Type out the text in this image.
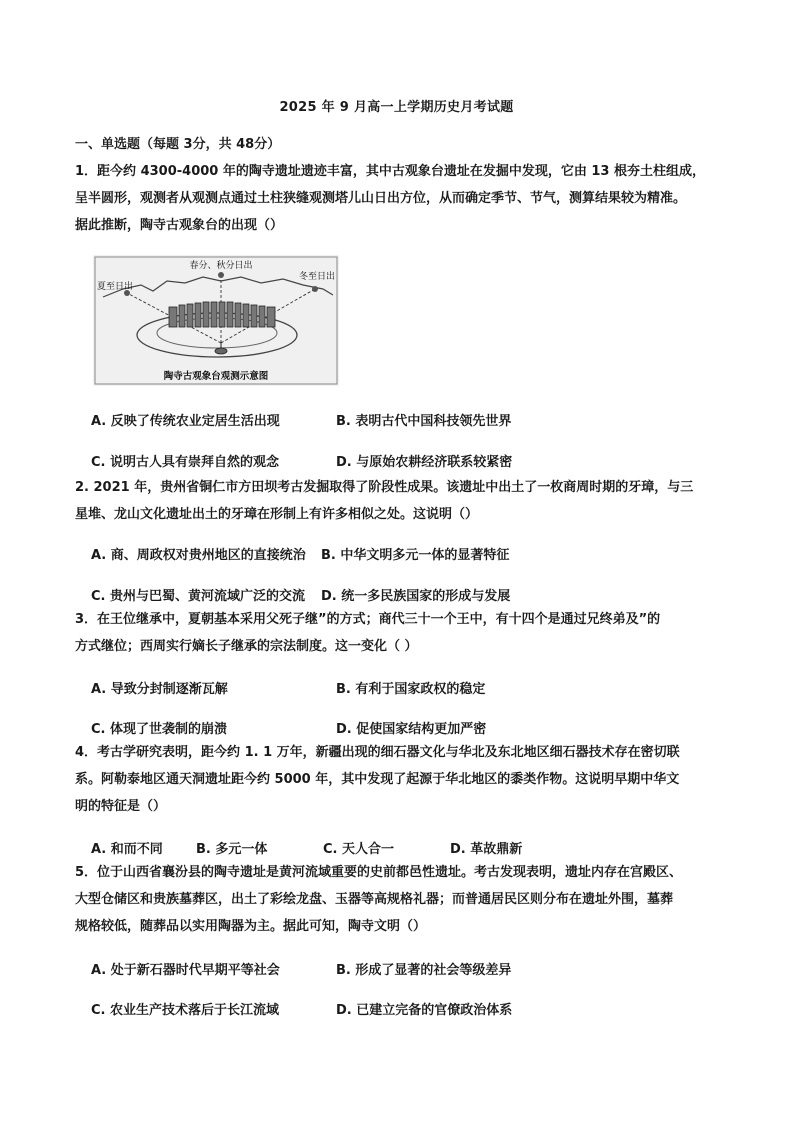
2025 年 9 月高一上学期历史月考试题
一、单选题（每题 3分，共 48分）
1．距今约 4300-4000 年的陶寺遗址遗迹丰富，其中古观象台遗址在发掘中发现，它由 13 根夯土柱组成，
呈半圆形，观测者从观测点通过土柱狭缝观测塔儿山日出方位，从而确定季节、节气，测算结果较为精准。
据此推断，陶寺古观象台的出现（）
春分、秋分日出
夏至日出
冬至日出
陶寺古观象台观测示意图
A. 反映了传统农业定居生活出现	B. 表明古代中国科技领先世界
C. 说明古人具有崇拜自然的观念	D. 与原始农耕经济联系较紧密
2. 2021 年，贵州省铜仁市方田坝考古发掘取得了阶段性成果。该遗址中出土了一枚商周时期的牙璋，与三
星堆、龙山文化遗址出土的牙璋在形制上有许多相似之处。这说明（）
A. 商、周政权对贵州地区的直接统治 B. 中华文明多元一体的显著特征
C. 贵州与巴蜀、黄河流域广泛的交流 D. 统一多民族国家的形成与发展
3．在王位继承中，夏朝基本采用父死子继”的方式；商代三十一个王中，有十四个是通过兄终弟及”的
方式继位；西周实行嫡长子继承的宗法制度。这一变化（ ）
A. 导致分封制逐渐瓦解	B. 有利于国家政权的稳定
C. 体现了世袭制的崩溃	D. 促使国家结构更加严密
4．考古学研究表明，距今约 1. 1 万年，新疆出现的细石器文化与华北及东北地区细石器技术存在密切联
系。阿勒泰地区通天洞遗址距今约 5000 年，其中发现了起源于华北地区的黍类作物。这说明早期中华文
明的特征是（）
A. 和而不同	B. 多元一体	C. 天人合一	D. 革故鼎新
5．位于山西省襄汾县的陶寺遗址是黄河流域重要的史前都邑性遗址。考古发现表明，遗址内存在宫殿区、
大型仓储区和贵族墓葬区，出土了彩绘龙盘、玉器等高规格礼器；而普通居民区则分布在遗址外围，墓葬
规格较低，随葬品以实用陶器为主。据此可知，陶寺文明（）
A. 处于新石器时代早期平等社会	B. 形成了显著的社会等级差异
C. 农业生产技术落后于长江流域	D. 已建立完备的官僚政治体系
